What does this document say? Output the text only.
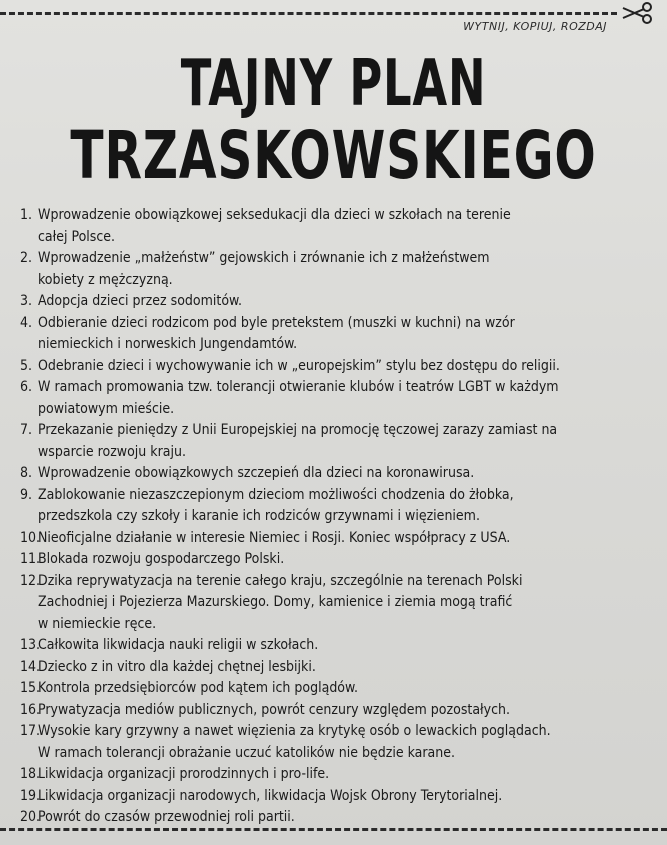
WYTNIJ, KOPIUJ, ROZDAJ
TAJNY PLAN
TRZASKOWSKIEGO
1. Wprowadzenie obowiązkowej seksedukacji dla dzieci w szkołach na terenie
całej Polsce.
2. Wprowadzenie „małżeństw” gejowskich i zrównanie ich z małżeństwem
kobiety z mężczyzną.
3. Adopcja dzieci przez sodomitów.
4. Odbieranie dzieci rodzicom pod byle pretekstem (muszki w kuchni) na wzór
niemieckich i norweskich Jungendamtów.
5. Odebranie dzieci i wychowywanie ich w „europejskim” stylu bez dostępu do religii.
6. W ramach promowania tzw. tolerancji otwieranie klubów i teatrów LGBT w każdym
powiatowym mieście.
7. Przekazanie pieniędzy z Unii Europejskiej na promocję tęczowej zarazy zamiast na
wsparcie rozwoju kraju.
8. Wprowadzenie obowiązkowych szczepień dla dzieci na koronawirusa.
9. Zablokowanie niezaszczepionym dzieciom możliwości chodzenia do żłobka,
przedszkola czy szkoły i karanie ich rodziców grzywnami i więzieniem.
10.
Nieoficjalne działanie w interesie Niemiec i Rosji. Koniec współpracy z USA.
11.
Blokada rozwoju gospodarczego Polski.
12.
Dzika reprywatyzacja na terenie całego kraju, szczególnie na terenach Polski
Zachodniej i Pojezierza Mazurskiego. Domy, kamienice i ziemia mogą trafić
w niemieckie ręce.
13.
Całkowita likwidacja nauki religii w szkołach.
14.
Dziecko z in vitro dla każdej chętnej lesbijki.
15.
Kontrola przedsiębiorców pod kątem ich poglądów.
16.
Prywatyzacja mediów publicznych, powrót cenzury względem pozostałych.
17.
Wysokie kary grzywny a nawet więzienia za krytykę osób o lewackich poglądach.
W ramach tolerancji obrażanie uczuć katolików nie będzie karane.
18.
Likwidacja organizacji prorodzinnych i pro-life.
19.
Likwidacja organizacji narodowych, likwidacja Wojsk Obrony Terytorialnej.
20.
Powrót do czasów przewodniej roli partii.
